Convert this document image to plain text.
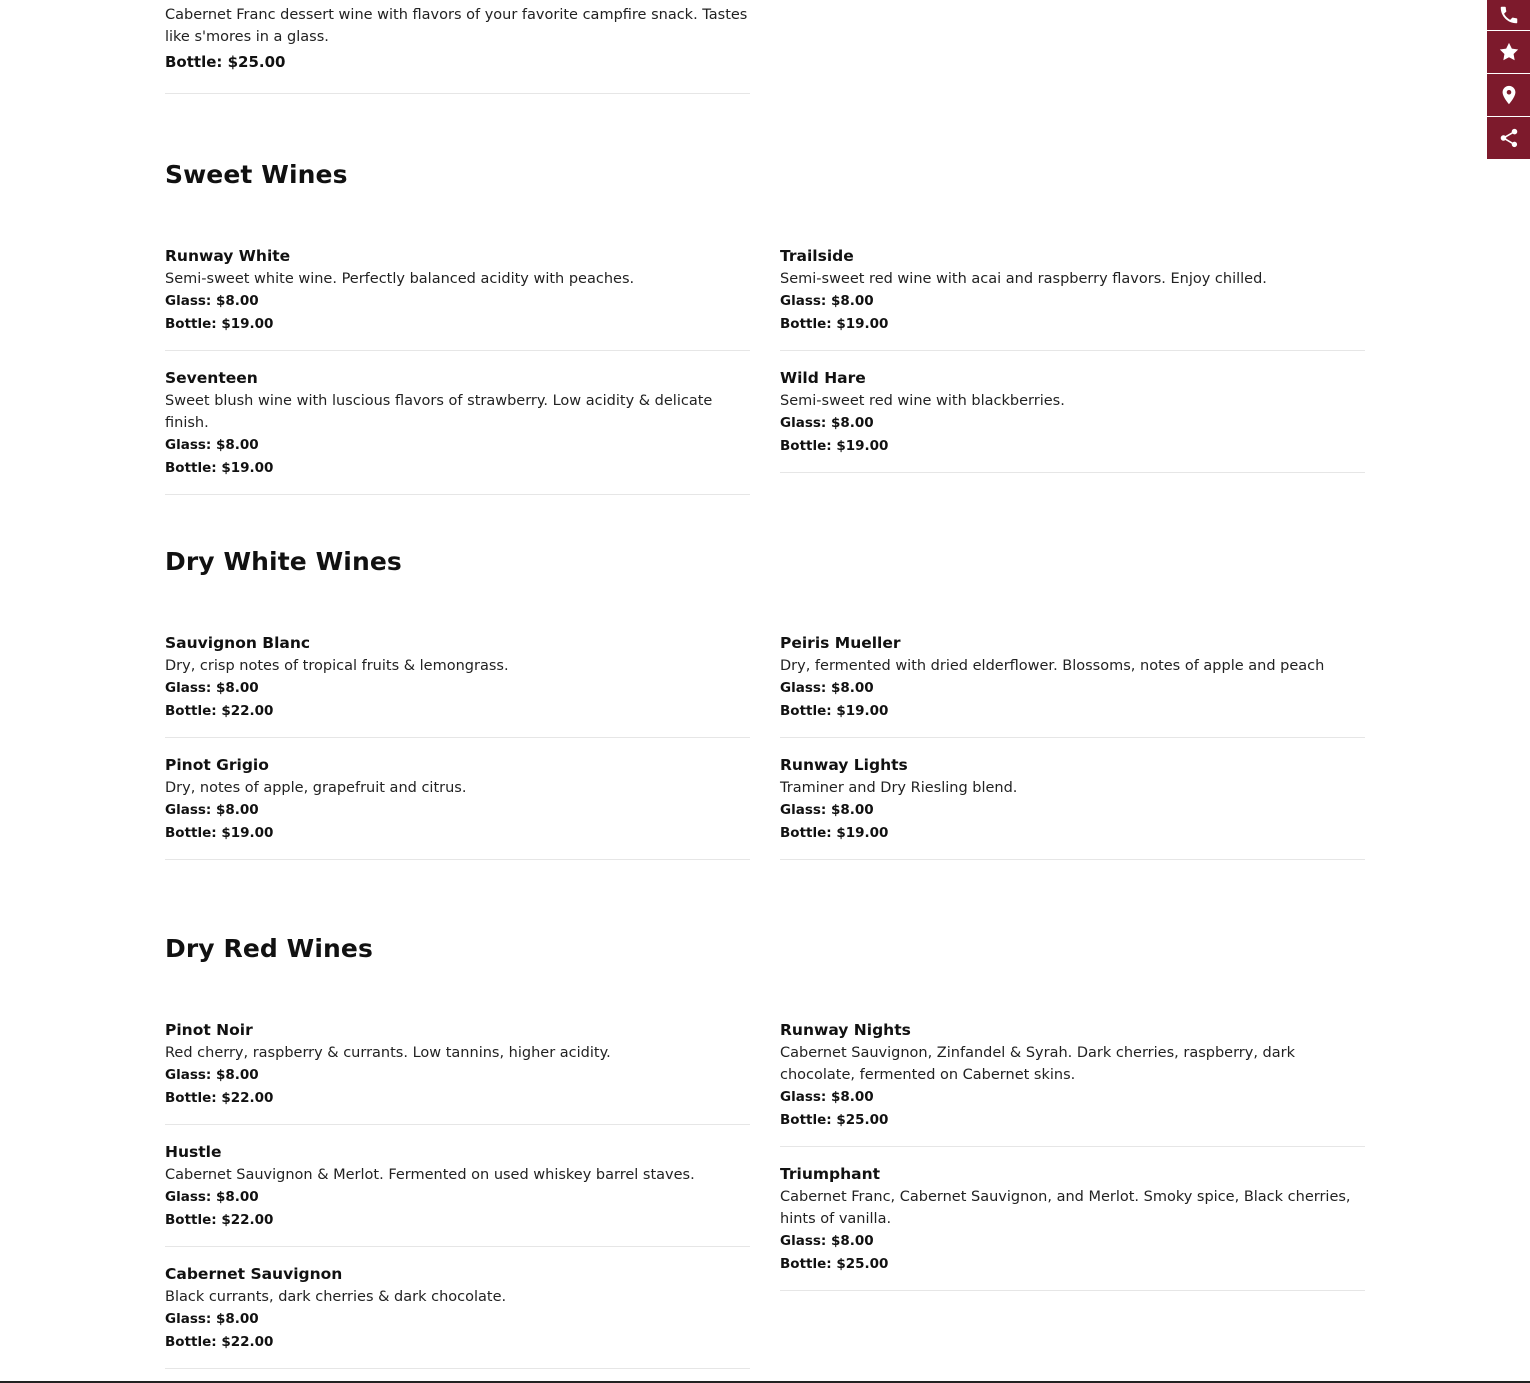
Cabernet Franc dessert wine with flavors of your favorite campfire snack. Tastes like s'mores in a glass.
Bottle: $25.00
Sweet Wines
Runway White
Semi-sweet white wine. Perfectly balanced acidity with peaches.
Glass: $8.00
Bottle: $19.00
Seventeen
Sweet blush wine with luscious flavors of strawberry. Low acidity & delicate finish.
Glass: $8.00
Bottle: $19.00
Trailside
Semi-sweet red wine with acai and raspberry flavors. Enjoy chilled.
Glass: $8.00
Bottle: $19.00
Wild Hare
Semi-sweet red wine with blackberries.
Glass: $8.00
Bottle: $19.00
Dry White Wines
Sauvignon Blanc
Dry, crisp notes of tropical fruits & lemongrass.
Glass: $8.00
Bottle: $22.00
Pinot Grigio
Dry, notes of apple, grapefruit and citrus.
Glass: $8.00
Bottle: $19.00
Peiris Mueller
Dry, fermented with dried elderflower. Blossoms, notes of apple and peach
Glass: $8.00
Bottle: $19.00
Runway Lights
Traminer and Dry Riesling blend.
Glass: $8.00
Bottle: $19.00
Dry Red Wines
Pinot Noir
Red cherry, raspberry & currants. Low tannins, higher acidity.
Glass: $8.00
Bottle: $22.00
Hustle
Cabernet Sauvignon & Merlot. Fermented on used whiskey barrel staves.
Glass: $8.00
Bottle: $22.00
Cabernet Sauvignon
Black currants, dark cherries & dark chocolate.
Glass: $8.00
Bottle: $22.00
Runway Nights
Cabernet Sauvignon, Zinfandel & Syrah. Dark cherries, raspberry, dark chocolate, fermented on Cabernet skins.
Glass: $8.00
Bottle: $25.00
Triumphant
Cabernet Franc, Cabernet Sauvignon, and Merlot. Smoky spice, Black cherries, hints of vanilla.
Glass: $8.00
Bottle: $25.00
